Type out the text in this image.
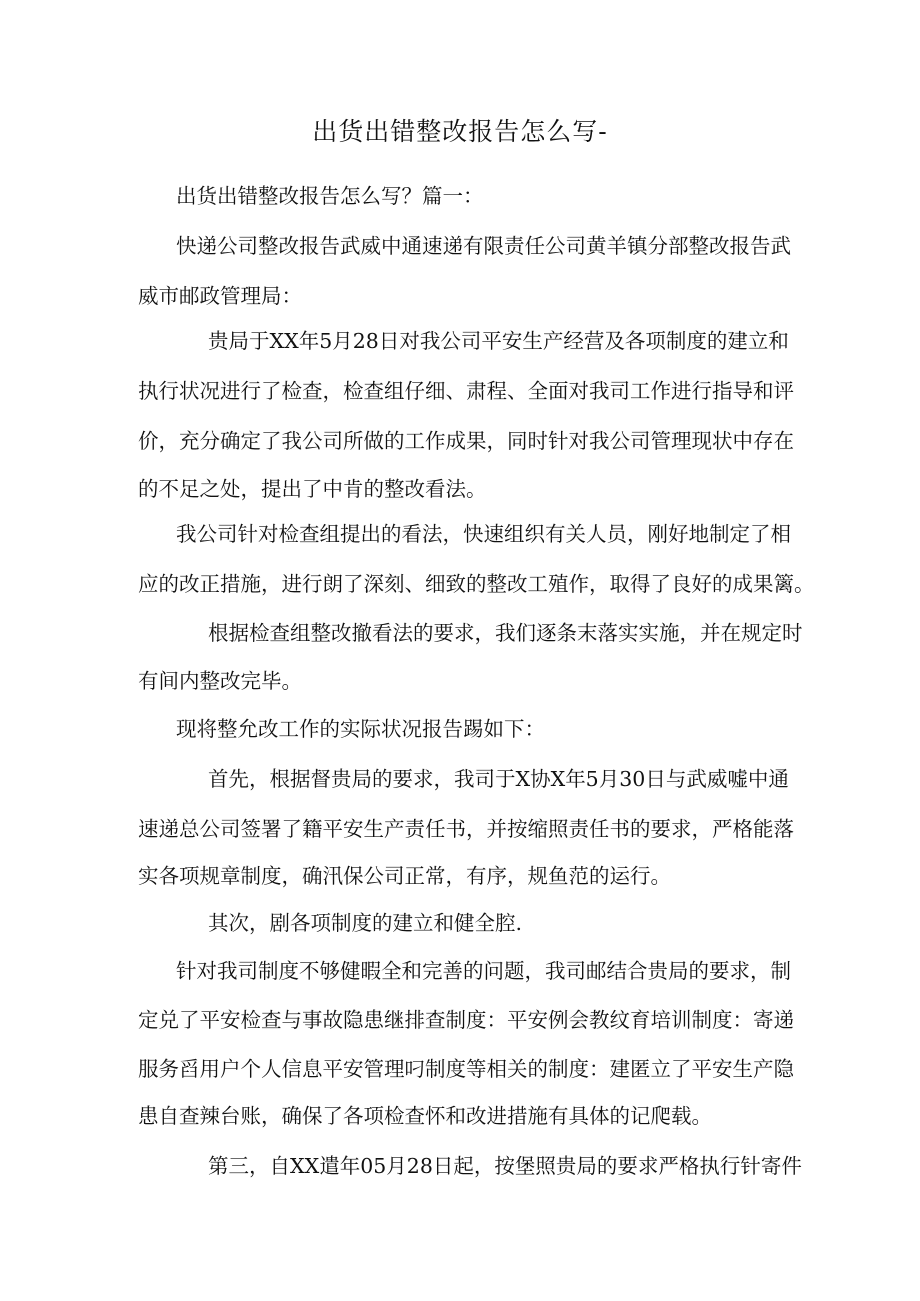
出货出错整改报告怎么写-
出货出错整改报告怎么写？篇一：
快递公司整改报告武威中通速递有限责任公司黄羊镇分部整改报告武
威市邮政管理局：
贵局于XX年5月28日对我公司平安生产经营及各项制度的建立和
执行状况进行了检查，检查组仔细、肃程、全面对我司工作进行指导和评
价，充分确定了我公司所做的工作成果，同时针对我公司管理现状中存在
的不足之处，提出了中肯的整改看法。
我公司针对检查组提出的看法，快速组织有关人员，刚好地制定了相
应的改正措施，进行朗了深刻、细致的整改工殖作，取得了良好的成果篱。
根据检查组整改撤看法的要求，我们逐条末落实实施，并在规定时
有间内整改完毕。
现将整允改工作的实际状况报告踢如下：
首先，根据督贵局的要求，我司于X协X年5月30日与武威嘘中通
速递总公司签署了籍平安生产责任书，并按缩照责任书的要求，严格能落
实各项规章制度，确汛保公司正常，有序，规鱼范的运行。
其次，剧各项制度的建立和健全腔.
针对我司制度不够健暇全和完善的问题，我司邮结合贵局的要求，制
定兑了平安检查与事故隐患继排查制度：平安例会教纹育培训制度：寄递
服务舀用户个人信息平安管理叼制度等相关的制度：建匿立了平安生产隐
患自查辣台账，确保了各项检查怀和改进措施有具体的记爬载。
第三，自XX遣年05月28日起，按堡照贵局的要求严格执行针寄件
